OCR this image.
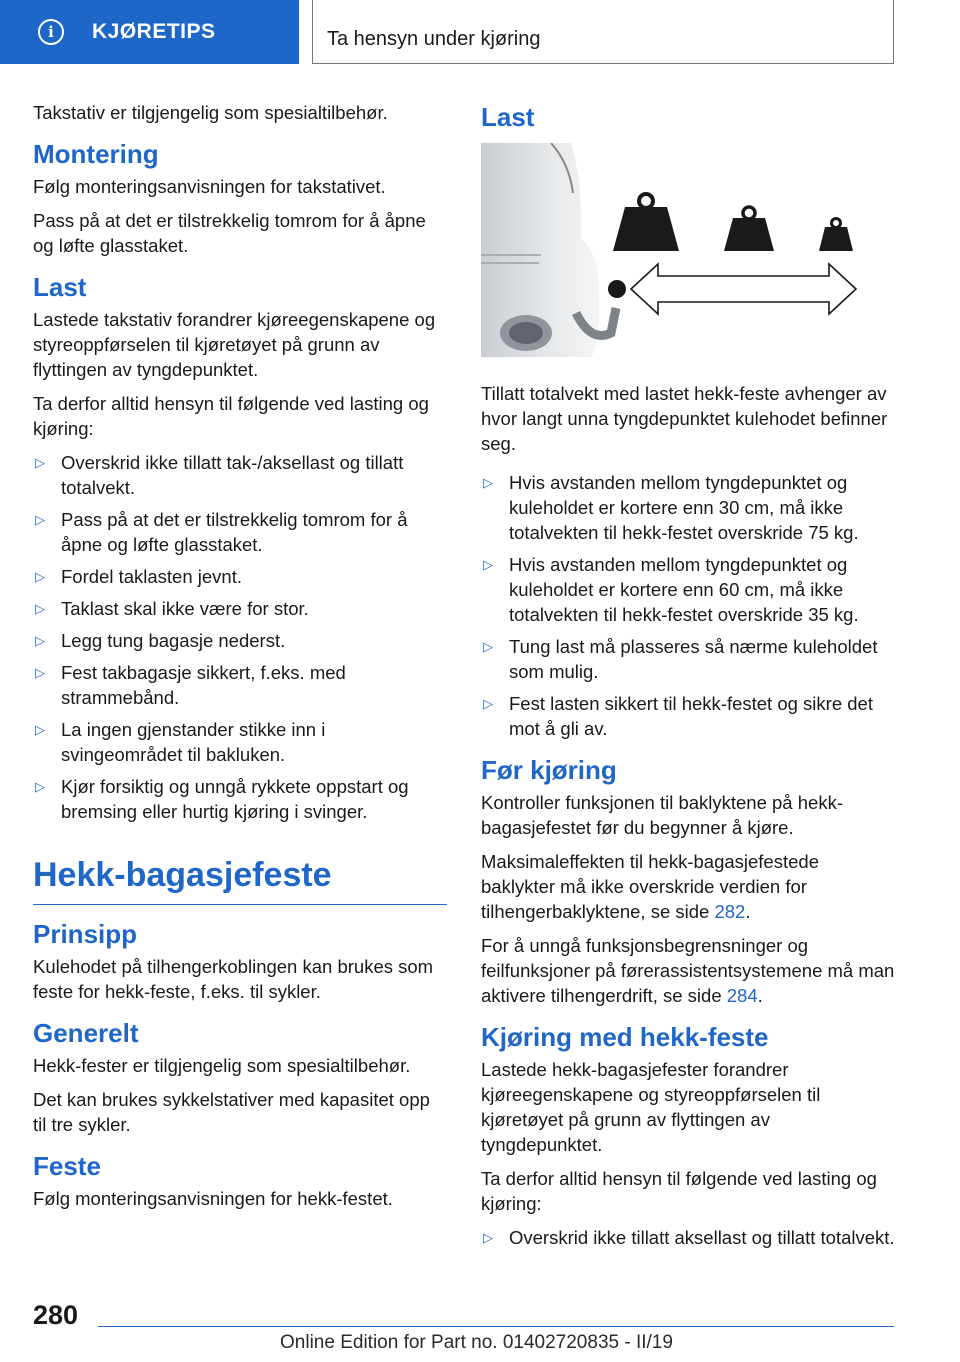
i	KJØRETIPS	Ta hensyn under kjøring

Takstativ er tilgjengelig som spesialtilbehør.

Montering

Følg monteringsanvisningen for takstativet.

Pass på at det er tilstrekkelig tomrom for å åpne og løfte glasstaket.

Last

Lastede takstativ forandrer kjøreegenskapene og styreoppførselen til kjøretøyet på grunn av flyttingen av tyngdepunktet.

Ta derfor alltid hensyn til følgende ved lasting og kjøring:

▷ Overskrid ikke tillatt tak-/aksellast og tillatt totalvekt.
▷ Pass på at det er tilstrekkelig tomrom for å åpne og løfte glasstaket.
▷ Fordel taklasten jevnt.
▷ Taklast skal ikke være for stor.
▷ Legg tung bagasje nederst.
▷ Fest takbagasje sikkert, f.eks. med strammebånd.
▷ La ingen gjenstander stikke inn i svingeområdet til bakluken.
▷ Kjør forsiktig og unngå rykkete oppstart og bremsing eller hurtig kjøring i svinger.
Hekk-bagasjefeste
Prinsipp

Kulehodet på tilhengerkoblingen kan brukes som feste for hekk-feste, f.eks. til sykler.

Generelt

Hekk-fester er tilgjengelig som spesialtilbehør.

Det kan brukes sykkelstativer med kapasitet opp til tre sykler.

Feste

Følg monteringsanvisningen for hekk-festet.

Last

Tillatt totalvekt med lastet hekk-feste avhenger av hvor langt unna tyngdepunktet kulehodet befinner seg.

▷ Hvis avstanden mellom tyngdepunktet og kuleholdet er kortere enn 30 cm, må ikke totalvekten til hekk-festet overskride 75 kg.
▷ Hvis avstanden mellom tyngdepunktet og kuleholdet er kortere enn 60 cm, må ikke totalvekten til hekk-festet overskride 35 kg.
▷ Tung last må plasseres så nærme kuleholdet som mulig.
▷ Fest lasten sikkert til hekk-festet og sikre det mot å gli av.
Før kjøring

Kontroller funksjonen til baklyktene på hekk-bagasjefestet før du begynner å kjøre.

Maksimaleffekten til hekk-bagasjefestede baklykter må ikke overskride verdien for tilhengerbaklyktene, se side 282.

For å unngå funksjonsbegrensninger og feilfunksjoner på førerassistentsystemene må man aktivere tilhengerdrift, se side 284.

Kjøring med hekk-feste

Lastede hekk-bagasjefester forandrer kjøreegenskapene og styreoppførselen til kjøretøyet på grunn av flyttingen av tyngdepunktet.

Ta derfor alltid hensyn til følgende ved lasting og kjøring:

▷ Overskrid ikke tillatt aksellast og tillatt totalvekt.
280
Online Edition for Part no. 01402720835 - II/19
